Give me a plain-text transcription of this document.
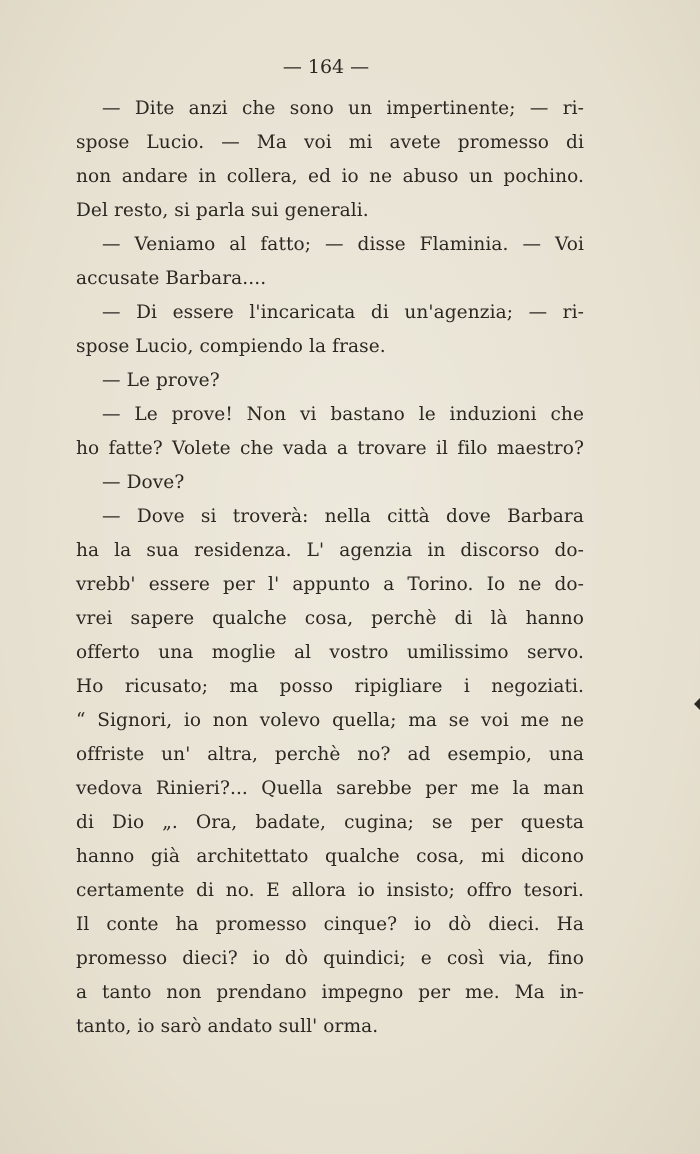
— 164 —
— Dite anzi che sono un impertinente; — ri-
spose Lucio. — Ma voi mi avete promesso di
non andare in collera, ed io ne abuso un pochino.
Del resto, si parla sui generali.
— Veniamo al fatto; — disse Flaminia. — Voi
accusate Barbara....
— Di essere l'incaricata di un'agenzia; — ri-
spose Lucio, compiendo la frase.
— Le prove?
— Le prove! Non vi bastano le induzioni che
ho fatte? Volete che vada a trovare il filo maestro?
— Dove?
— Dove si troverà: nella città dove Barbara
ha la sua residenza. L' agenzia in discorso do-
vrebb' essere per l' appunto a Torino. Io ne do-
vrei sapere qualche cosa, perchè di là hanno
offerto una moglie al vostro umilissimo servo.
Ho ricusato; ma posso ripigliare i negoziati.
“ Signori, io non volevo quella; ma se voi me ne
offriste un' altra, perchè no? ad esempio, una
vedova Rinieri?... Quella sarebbe per me la man
di Dio „. Ora, badate, cugina; se per questa
hanno già architettato qualche cosa, mi dicono
certamente di no. E allora io insisto; offro tesori.
Il conte ha promesso cinque? io dò dieci. Ha
promesso dieci? io dò quindici; e così via, fino
a tanto non prendano impegno per me. Ma in-
tanto, io sarò andato sull' orma.
